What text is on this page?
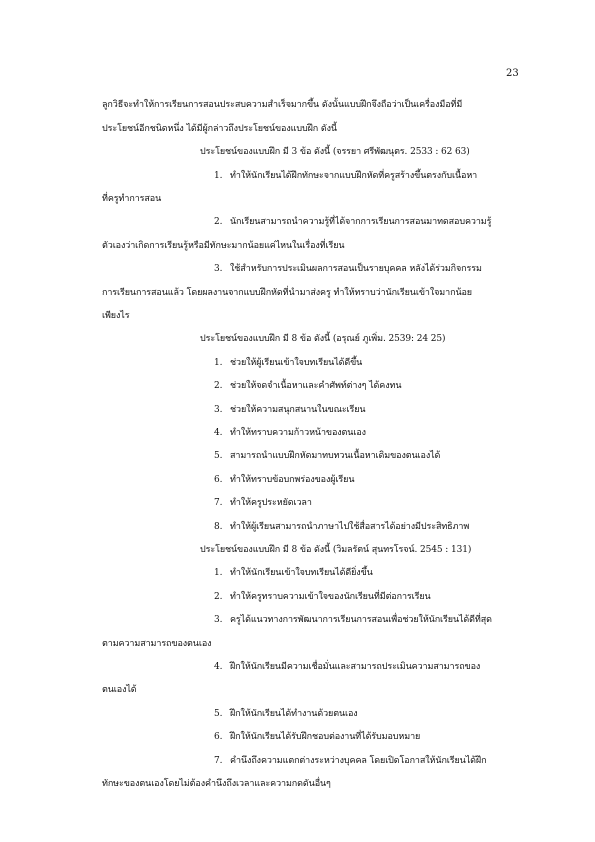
23
ลูกวิธีจะทำให้การเรียนการสอนประสบความสำเร็จมากขึ้น ดังนั้นแบบฝึกจึงถือว่าเป็นเครื่องมือที่มี
ประโยชน์อีกชนิดหนึ่ง ได้มีผู้กล่าวถึงประโยชน์ของแบบฝึก ดังนี้
ประโยชน์ของแบบฝึก มี 3 ข้อ ดังนี้ (จรรยา ศรีพัฒนุตร. 2533 : 62 63)
1. ทำให้นักเรียนได้ฝึกทักษะจากแบบฝึกหัดที่ครูสร้างขึ้นตรงกับเนื้อหา
ที่ครูทำการสอน
2. นักเรียนสามารถนำความรู้ที่ได้จากการเรียนการสอนมาทดสอบความรู้
ตัวเองว่าเกิดการเรียนรู้หรือมีทักษะมากน้อยแค่ไหนในเรื่องที่เรียน
3. ใช้สำหรับการประเมินผลการสอนเป็นรายบุคคล หลังได้ร่วมกิจกรรม
การเรียนการสอนแล้ว โดยผลงานจากแบบฝึกหัดที่นำมาส่งครู ทำให้ทราบว่านักเรียนเข้าใจมากน้อย
เพียงไร
ประโยชน์ของแบบฝึก มี 8 ข้อ ดังนี้ (อรุณย์ ภูเพิ่ม. 2539: 24 25)
1. ช่วยให้ผู้เรียนเข้าใจบทเรียนได้ดีขึ้น
2. ช่วยให้จดจำเนื้อหาและคำศัพท์ต่างๆ ได้คงทน
3. ช่วยให้ความสนุกสนานในขณะเรียน
4. ทำให้ทราบความก้าวหน้าของตนเอง
5. สามารถนำแบบฝึกหัดมาทบทวนเนื้อหาเดิมของตนเองได้
6. ทำให้ทราบข้อบกพร่องของผู้เรียน
7. ทำให้ครูประหยัดเวลา
8. ทำให้ผู้เรียนสามารถนำภาษาไปใช้สื่อสารได้อย่างมีประสิทธิภาพ
ประโยชน์ของแบบฝึก มี 8 ข้อ ดังนี้ (วิมลรัตน์ สุนทรโรจน์. 2545 : 131)
1. ทำให้นักเรียนเข้าใจบทเรียนได้ดียิ่งขึ้น
2. ทำให้ครูทราบความเข้าใจของนักเรียนที่มีต่อการเรียน
3. ครูได้แนวทางการพัฒนาการเรียนการสอนเพื่อช่วยให้นักเรียนได้ดีที่สุด
ตามความสามารถของตนเอง
4. ฝึกให้นักเรียนมีความเชื่อมั่นและสามารถประเมินความสามารถของ
ตนเองได้
5. ฝึกให้นักเรียนได้ทำงานด้วยตนเอง
6. ฝึกให้นักเรียนได้รับฝึกชอบต่องานที่ได้รับมอบหมาย
7. คำนึงถึงความแตกต่างระหว่างบุคคล โดยเปิดโอกาสให้นักเรียนได้ฝึก
ทักษะของตนเองโดยไม่ต้องคำนึงถึงเวลาและความกดดันอื่นๆ
